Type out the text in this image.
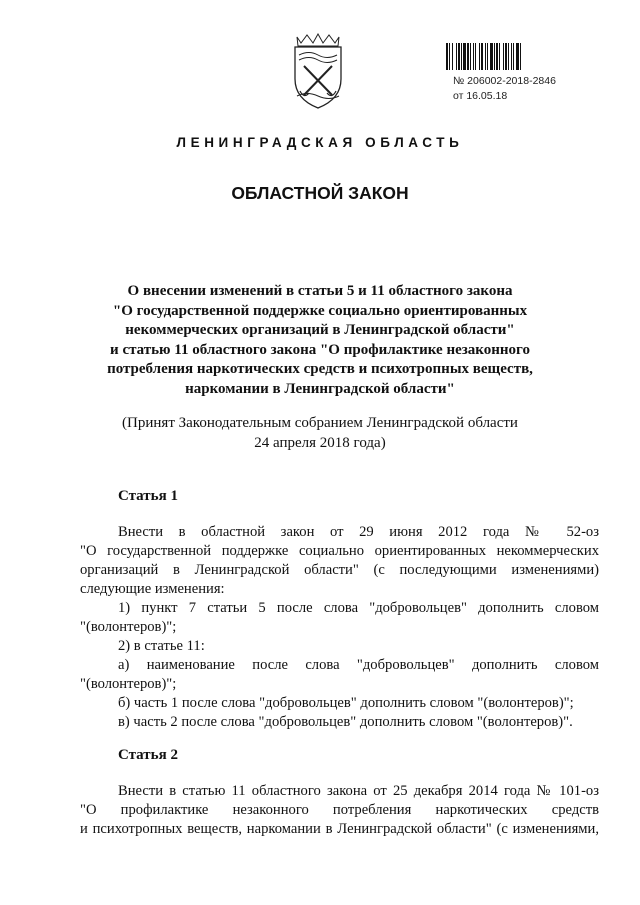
№ 206002-2018-2846
от 16.05.18
ЛЕНИНГРАДСКАЯ ОБЛАСТЬ
ОБЛАСТНОЙ ЗАКОН
О внесении изменений в статьи 5 и 11 областного закона
"О государственной поддержке социально ориентированных
некоммерческих организаций в Ленинградской области"
и статью 11 областного закона "О профилактике незаконного
потребления наркотических средств и психотропных веществ,
наркомании в Ленинградской области"
(Принят Законодательным собранием Ленинградской области
24 апреля 2018 года)
Статья 1
Внести в областной закон от 29 июня 2012 года № 52-оз
"О государственной поддержке социально ориентированных некоммерческих
организаций в Ленинградской области" (с последующими изменениями)
следующие изменения:
1) пункт 7 статьи 5 после слова "добровольцев" дополнить словом
"(волонтеров)";
2) в статье 11:
а) наименование после слова "добровольцев" дополнить словом
"(волонтеров)";
б) часть 1 после слова "добровольцев" дополнить словом "(волонтеров)";
в) часть 2 после слова "добровольцев" дополнить словом "(волонтеров)".
Статья 2
Внести в статью 11 областного закона от 25 декабря 2014 года № 101-оз
"О профилактике незаконного потребления наркотических средств
и психотропных веществ, наркомании в Ленинградской области" (с изменениями,
